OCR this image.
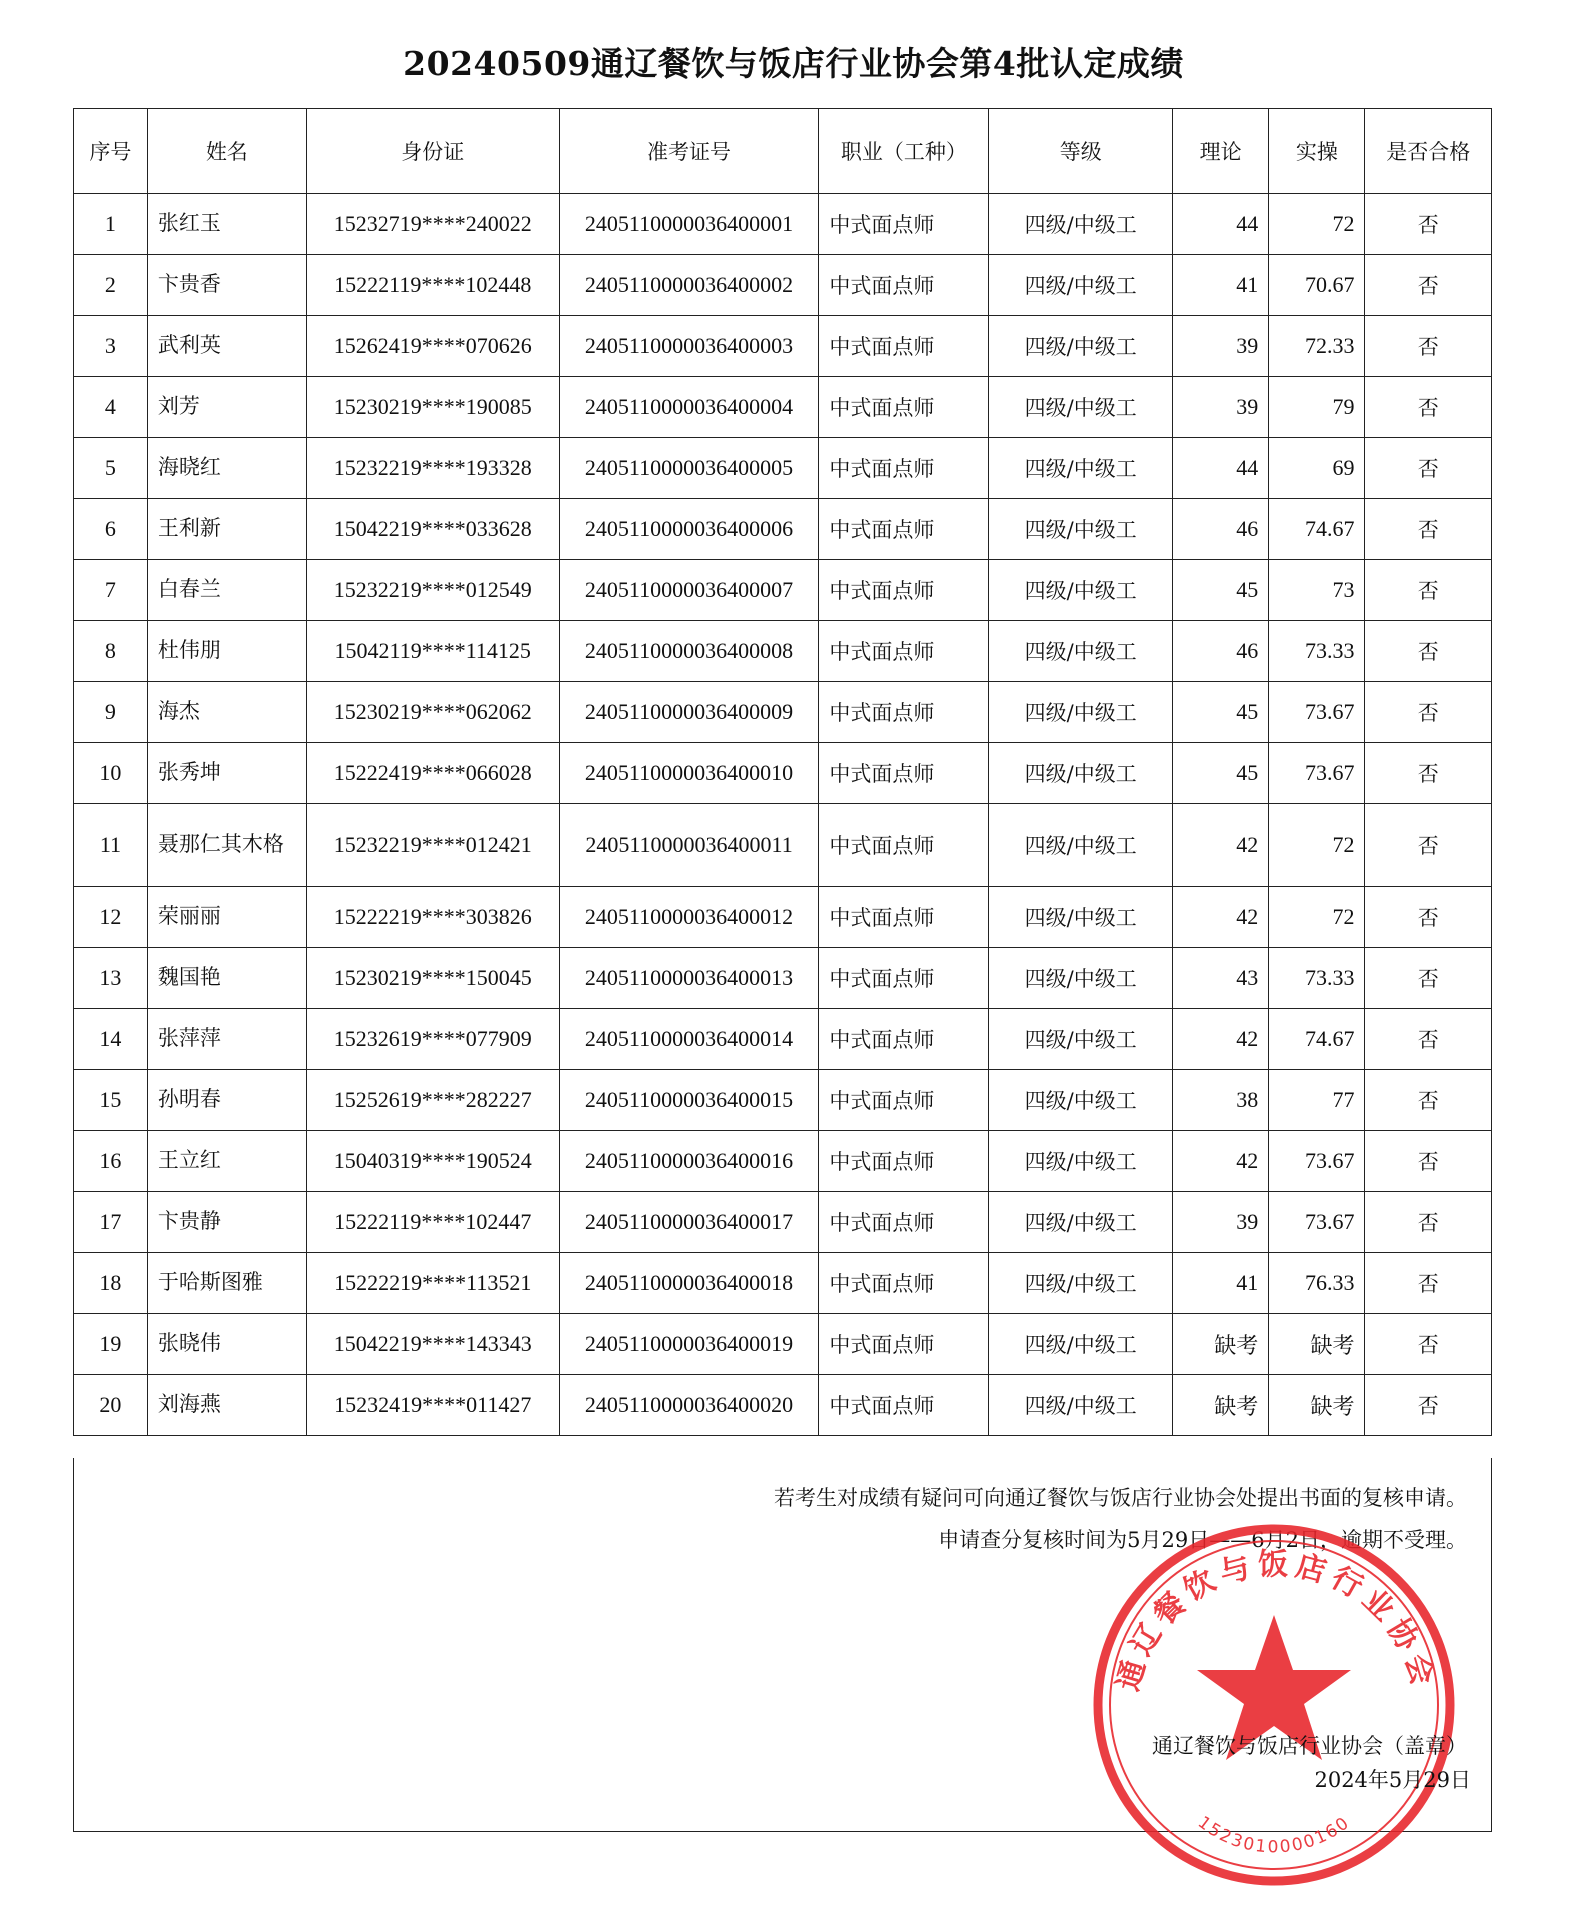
20240509通辽餐饮与饭店行业协会第4批认定成绩
序号	姓名	身份证	准考证号	职业（工种）	等级	理论	实操	是否合格
1	张红玉	15232719****240022	2405110000036400001	中式面点师	四级/中级工	44	72	否
2	卞贵香	15222119****102448	2405110000036400002	中式面点师	四级/中级工	41	70.67	否
3	武利英	15262419****070626	2405110000036400003	中式面点师	四级/中级工	39	72.33	否
4	刘芳	15230219****190085	2405110000036400004	中式面点师	四级/中级工	39	79	否
5	海晓红	15232219****193328	2405110000036400005	中式面点师	四级/中级工	44	69	否
6	王利新	15042219****033628	2405110000036400006	中式面点师	四级/中级工	46	74.67	否
7	白春兰	15232219****012549	2405110000036400007	中式面点师	四级/中级工	45	73	否
8	杜伟朋	15042119****114125	2405110000036400008	中式面点师	四级/中级工	46	73.33	否
9	海杰	15230219****062062	2405110000036400009	中式面点师	四级/中级工	45	73.67	否
10	张秀坤	15222419****066028	2405110000036400010	中式面点师	四级/中级工	45	73.67	否
11	聂那仁其木格	15232219****012421	2405110000036400011	中式面点师	四级/中级工	42	72	否
12	荣丽丽	15222219****303826	2405110000036400012	中式面点师	四级/中级工	42	72	否
13	魏国艳	15230219****150045	2405110000036400013	中式面点师	四级/中级工	43	73.33	否
14	张萍萍	15232619****077909	2405110000036400014	中式面点师	四级/中级工	42	74.67	否
15	孙明春	15252619****282227	2405110000036400015	中式面点师	四级/中级工	38	77	否
16	王立红	15040319****190524	2405110000036400016	中式面点师	四级/中级工	42	73.67	否
17	卞贵静	15222119****102447	2405110000036400017	中式面点师	四级/中级工	39	73.67	否
18	于哈斯图雅	15222219****113521	2405110000036400018	中式面点师	四级/中级工	41	76.33	否
19	张晓伟	15042219****143343	2405110000036400019	中式面点师	四级/中级工	缺考	缺考	否
20	刘海燕	15232419****011427	2405110000036400020	中式面点师	四级/中级工	缺考	缺考	否
若考生对成绩有疑问可向通辽餐饮与饭店行业协会处提出书面的复核申请。
申请查分复核时间为5月29日——6月2日，逾期不受理。
通辽餐饮与饭店行业协会（盖章）
2024年5月29日
通辽餐饮与饭店行业协会
1523010000160
